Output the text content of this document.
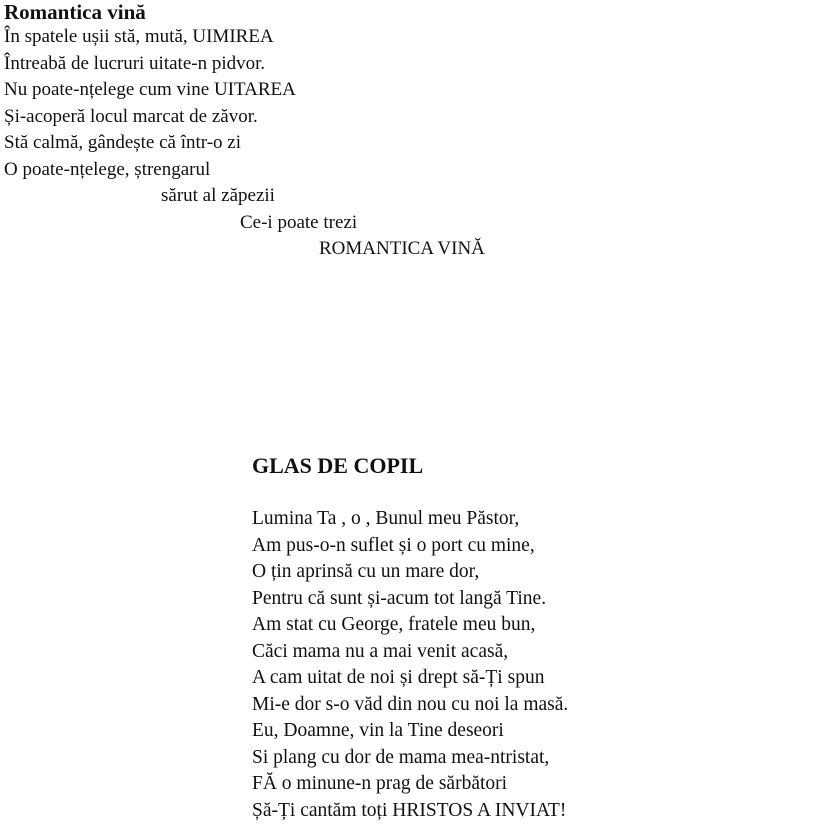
Romantica vină
În spatele ușii stă, mută, UIMIREA
Întreabă de lucruri uitate-n pidvor.
Nu poate-nțelege cum vine UITAREA
Și-acoperă locul marcat de zăvor.
Stă calmă, gândește că într-o zi
O poate-nțelege, ștrengarul
sărut al zăpezii
Ce-i poate trezi
ROMANTICA VINĂ
GLAS DE COPIL
Lumina Ta , o , Bunul meu Păstor,
Am pus-o-n suflet și o port cu mine,
O țin aprinsă cu un mare dor,
Pentru că sunt și-acum tot langă Tine.
Am stat cu George, fratele meu bun,
Căci mama nu a mai venit acasă,
A cam uitat de noi și drept să-Ți spun
Mi-e dor s-o văd din nou cu noi la masă.
Eu, Doamne, vin la Tine deseori
Si plang cu dor de mama mea-ntristat,
FĂ o minune-n prag de sărbători
Șă-Ți cantăm toți HRISTOS A INVIAT!
